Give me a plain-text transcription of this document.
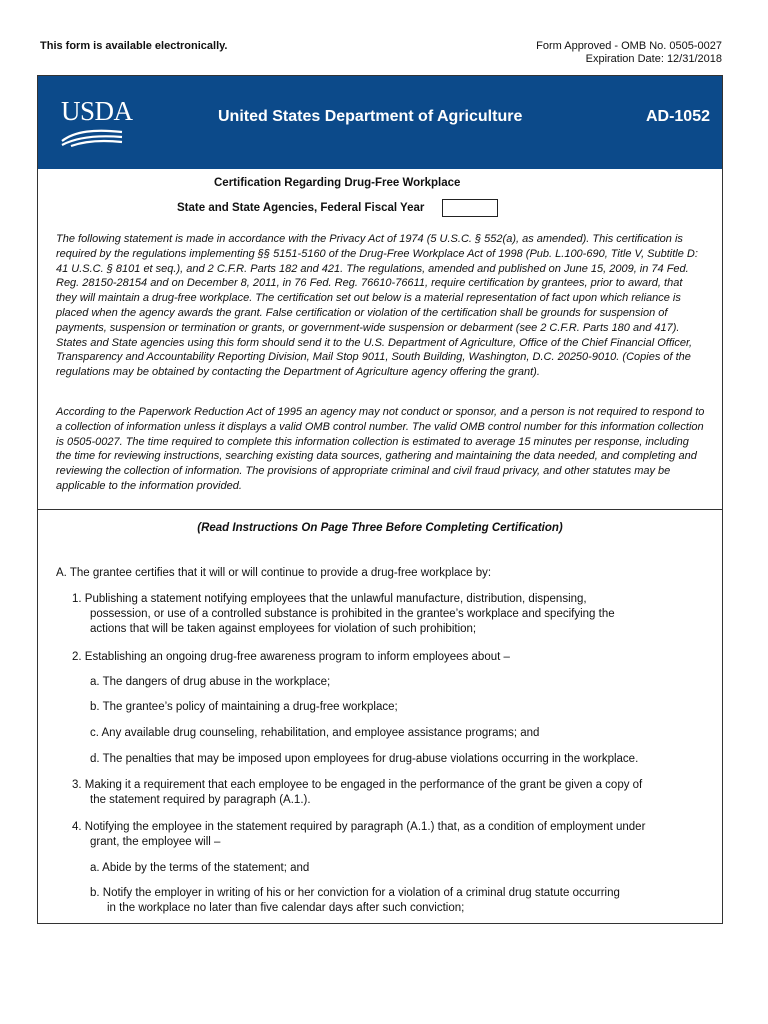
This form is available electronically.	Form Approved - OMB No. 0505-0027
Expiration Date: 12/31/2018
USDA	United States Department of Agriculture	AD-1052
Certification Regarding Drug-Free Workplace
State and State Agencies, Federal Fiscal Year

The following statement is made in accordance with the Privacy Act of 1974 (5 U.S.C. § 552(a), as amended). This certification is required by the regulations implementing §§ 5151-5160 of the Drug-Free Workplace Act of 1998 (Pub. L.100-690, Title V, Subtitle D: 41 U.S.C. § 8101 et seq.), and 2 C.F.R. Parts 182 and 421. The regulations, amended and published on June 15, 2009, in 74 Fed. Reg. 28150-28154 and on December 8, 2011, in 76 Fed. Reg. 76610-76611, require certification by grantees, prior to award, that they will maintain a drug-free workplace. The certification set out below is a material representation of fact upon which reliance is placed when the agency awards the grant. False certification or violation of the certification shall be grounds for suspension of payments, suspension or termination or grants, or government-wide suspension or debarment (see 2 C.F.R. Parts 180 and 417). States and State agencies using this form should send it to the U.S. Department of Agriculture, Office of the Chief Financial Officer, Transparency and Accountability Reporting Division, Mail Stop 9011, South Building, Washington, D.C. 20250-9010. (Copies of the regulations may be obtained by contacting the Department of Agriculture agency offering the grant).

According to the Paperwork Reduction Act of 1995 an agency may not conduct or sponsor, and a person is not required to respond to a collection of information unless it displays a valid OMB control number. The valid OMB control number for this information collection is 0505-0027. The time required to complete this information collection is estimated to average 15 minutes per response, including the time for reviewing instructions, searching existing data sources, gathering and maintaining the data needed, and completing and reviewing the collection of information. The provisions of appropriate criminal and civil fraud privacy, and other statutes may be applicable to the information provided.

(Read Instructions On Page Three Before Completing Certification)
A. The grantee certifies that it will or will continue to provide a drug-free workplace by:
1. Publishing a statement notifying employees that the unlawful manufacture, distribution, dispensing,
possession, or use of a controlled substance is prohibited in the grantee’s workplace and specifying the
actions that will be taken against employees for violation of such prohibition;
2. Establishing an ongoing drug-free awareness program to inform employees about –
a. The dangers of drug abuse in the workplace;
b. The grantee’s policy of maintaining a drug-free workplace;
c. Any available drug counseling, rehabilitation, and employee assistance programs; and
d. The penalties that may be imposed upon employees for drug-abuse violations occurring in the workplace.
3. Making it a requirement that each employee to be engaged in the performance of the grant be given a copy of
the statement required by paragraph (A.1.).
4. Notifying the employee in the statement required by paragraph (A.1.) that, as a condition of employment under
grant, the employee will –
a. Abide by the terms of the statement; and
b. Notify the employer in writing of his or her conviction for a violation of a criminal drug statute occurring
in the workplace no later than five calendar days after such conviction;
